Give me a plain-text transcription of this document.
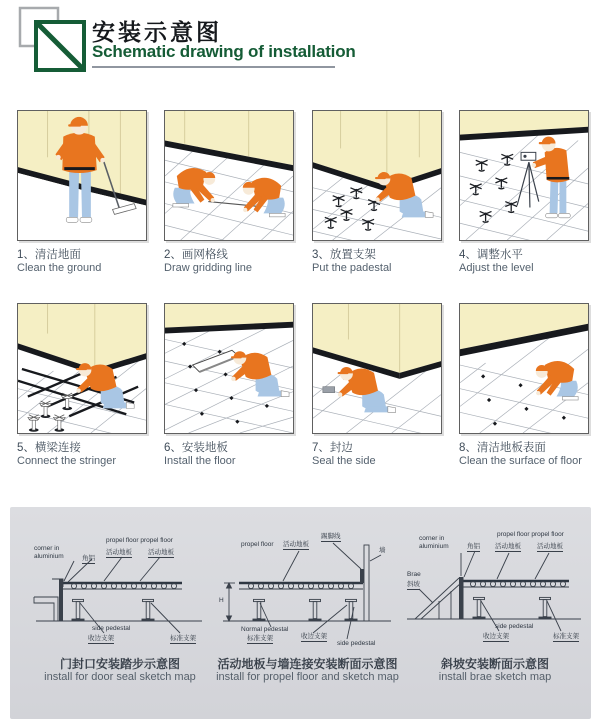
安装示意图
Schematic drawing of installation
1、清洁地面
Clean the ground
2、画网格线
Draw gridding line
3、放置支架
Put the padestal
4、调整水平
Adjust the level
5、横梁连接
Connect the stringer
6、安装地板
Install the floor
7、封边
Seal the side
8、清洁地板表面
Clean the surface of floor
corner in aluminium	角铝
propel floor propel floor
活动地板 活动地板
side pedestal
收边支架	标准支架
门封口安装踏步示意图
install for door seal sketch map
propel floor 活动地板
踢脚线
墙
H
Normal pedestal
标准支架	收边支架
side pedestal
活动地板与墙连接安装断面示意图
install for propel floor and sketch map
corner in aluminium	角铝
propel floor propel floor
活动地板 活动地板
Brae
斜坡
side pedestal
收边支架	标准支架
斜坡安装断面示意图
install brae sketch map
